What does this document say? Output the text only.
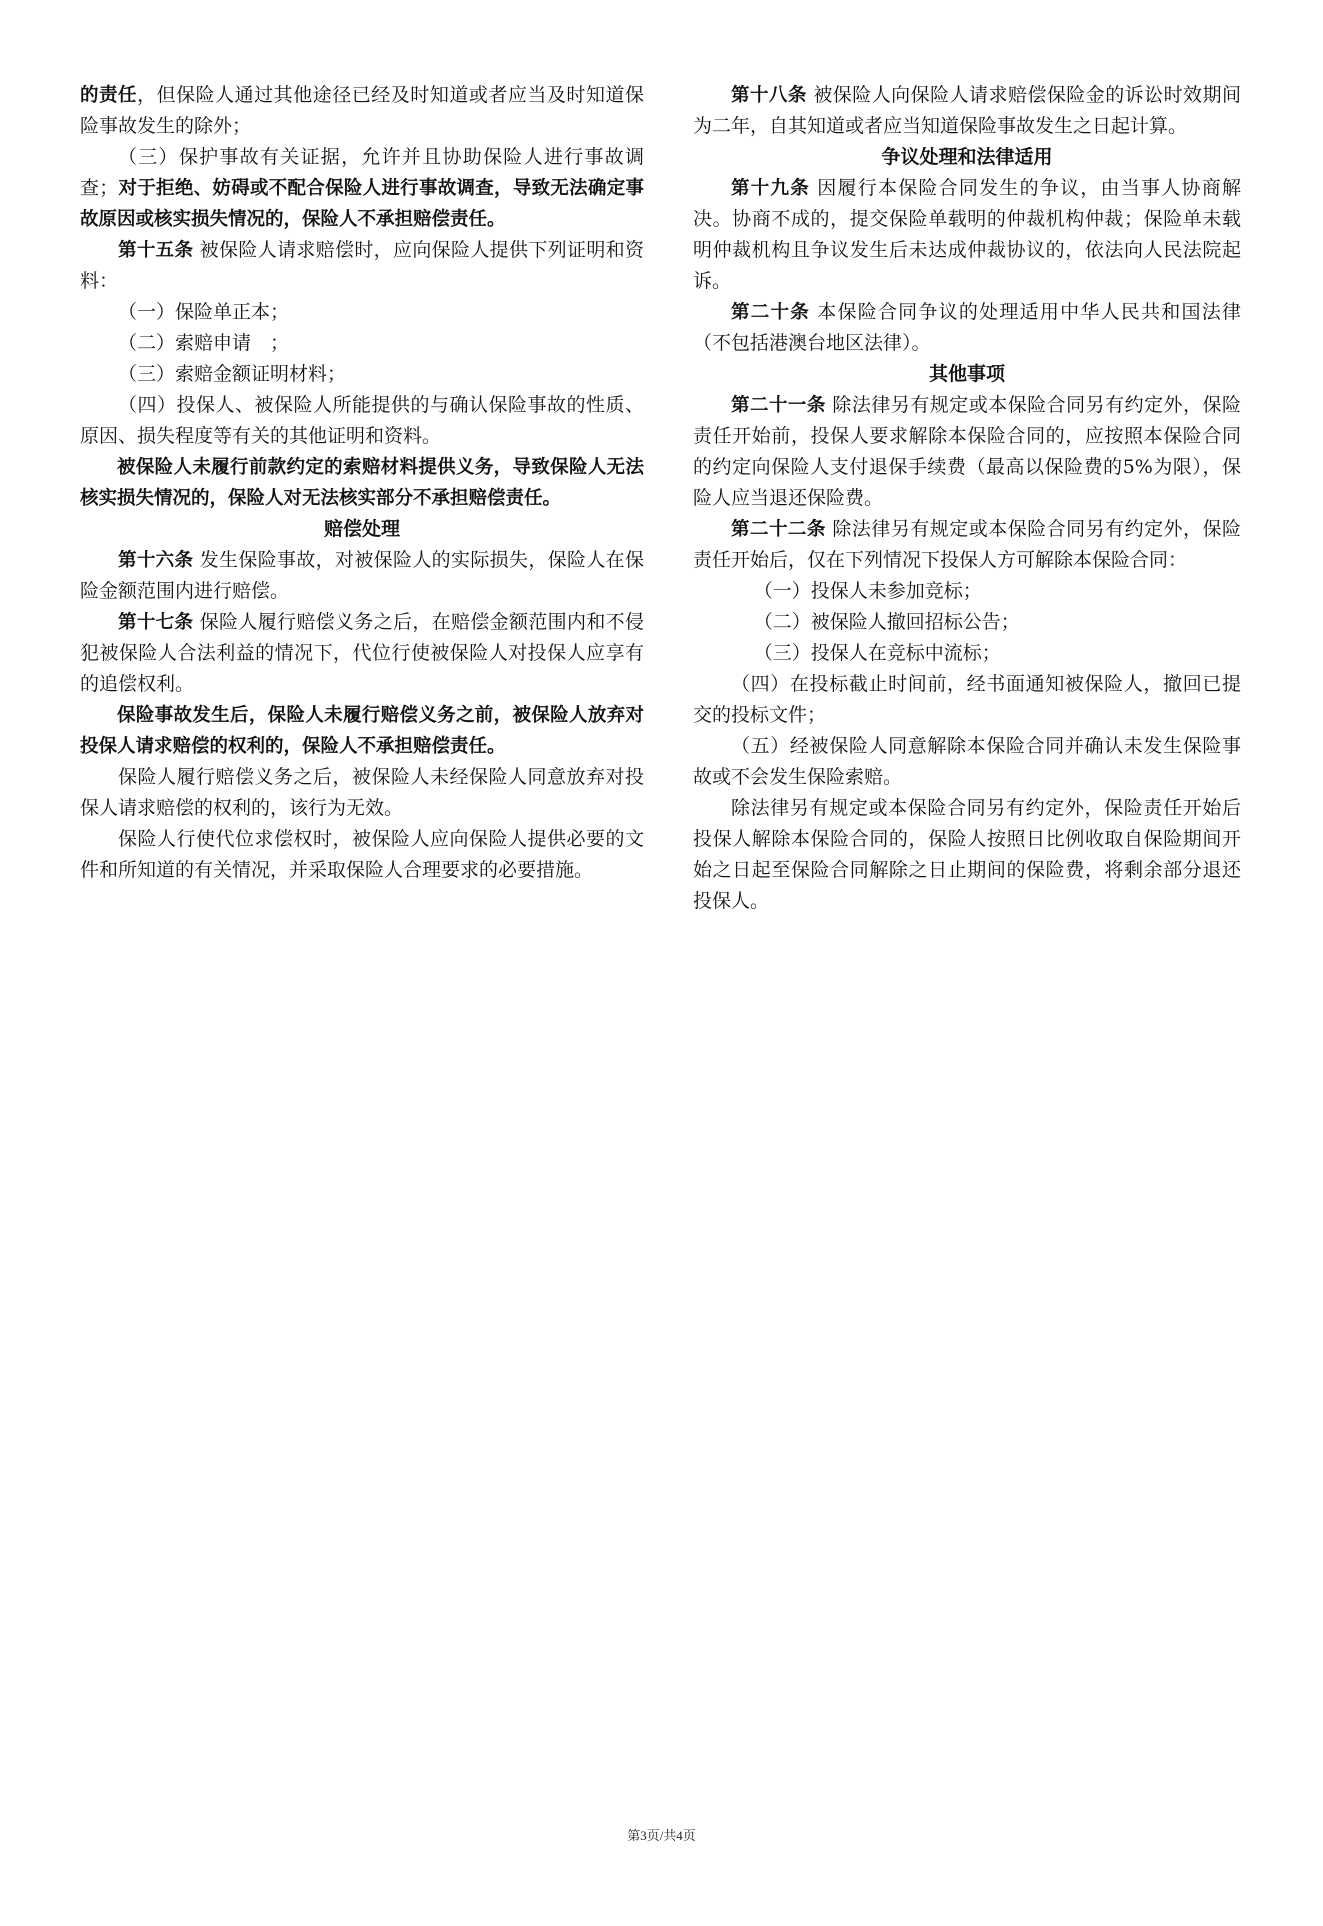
的责任，但保险人通过其他途径已经及时知道或者应当及时知道保险事故发生的除外；

（三）保护事故有关证据，允许并且协助保险人进行事故调查；对于拒绝、妨碍或不配合保险人进行事故调查，导致无法确定事故原因或核实损失情况的，保险人不承担赔偿责任。

第十五条 被保险人请求赔偿时，应向保险人提供下列证明和资料：

（一）保险单正本；

（二）索赔申请　；

（三）索赔金额证明材料；

（四）投保人、被保险人所能提供的与确认保险事故的性质、原因、损失程度等有关的其他证明和资料。

被保险人未履行前款约定的索赔材料提供义务，导致保险人无法核实损失情况的，保险人对无法核实部分不承担赔偿责任。

赔偿处理

第十六条 发生保险事故，对被保险人的实际损失，保险人在保险金额范围内进行赔偿。

第十七条 保险人履行赔偿义务之后，在赔偿金额范围内和不侵犯被保险人合法利益的情况下，代位行使被保险人对投保人应享有的追偿权利。

保险事故发生后，保险人未履行赔偿义务之前，被保险人放弃对投保人请求赔偿的权利的，保险人不承担赔偿责任。

保险人履行赔偿义务之后，被保险人未经保险人同意放弃对投保人请求赔偿的权利的，该行为无效。

保险人行使代位求偿权时，被保险人应向保险人提供必要的文件和所知道的有关情况，并采取保险人合理要求的必要措施。

第十八条 被保险人向保险人请求赔偿保险金的诉讼时效期间为二年，自其知道或者应当知道保险事故发生之日起计算。

争议处理和法律适用

第十九条 因履行本保险合同发生的争议，由当事人协商解决。协商不成的，提交保险单载明的仲裁机构仲裁；保险单未载明仲裁机构且争议发生后未达成仲裁协议的，依法向人民法院起诉。

第二十条 本保险合同争议的处理适用中华人民共和国法律（不包括港澳台地区法律）。

其他事项

第二十一条 除法律另有规定或本保险合同另有约定外，保险责任开始前，投保人要求解除本保险合同的，应按照本保险合同的约定向保险人支付退保手续费（最高以保险费的5%为限），保险人应当退还保险费。

第二十二条 除法律另有规定或本保险合同另有约定外，保险责任开始后，仅在下列情况下投保人方可解除本保险合同：

（一）投保人未参加竞标；

（二）被保险人撤回招标公告；

（三）投保人在竞标中流标；

（四）在投标截止时间前，经书面通知被保险人，撤回已提交的投标文件；

（五）经被保险人同意解除本保险合同并确认未发生保险事故或不会发生保险索赔。

除法律另有规定或本保险合同另有约定外，保险责任开始后投保人解除本保险合同的，保险人按照日比例收取自保险期间开始之日起至保险合同解除之日止期间的保险费，将剩余部分退还投保人。

第3页/共4页
